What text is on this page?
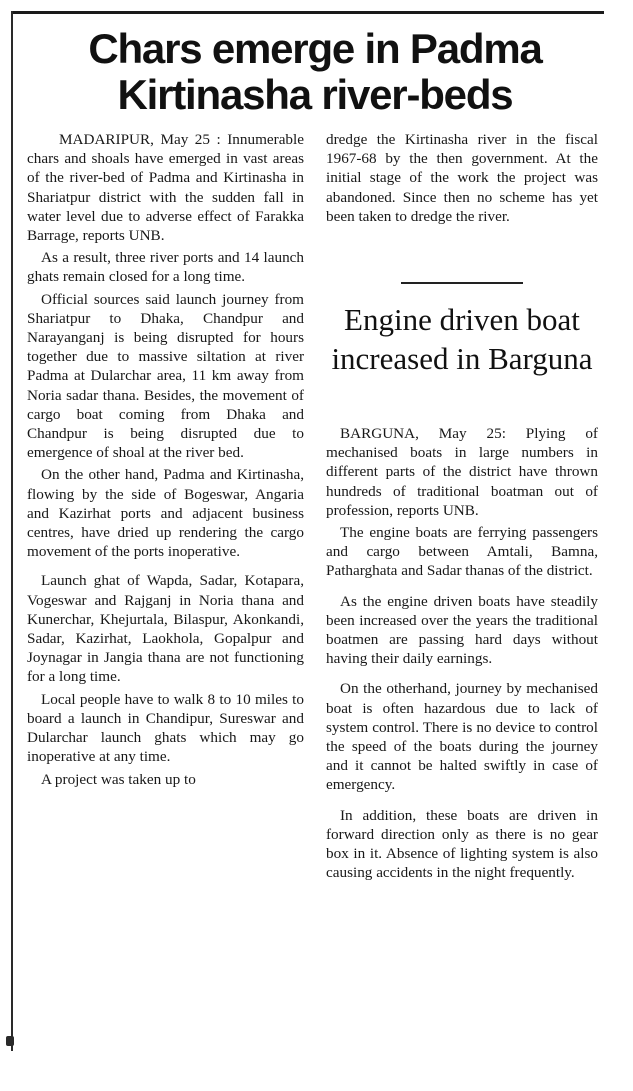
Chars emerge in Padma Kirtinasha river-beds

MADARIPUR, May 25 : Innumerable chars and shoals have emerged in vast areas of the river-bed of Padma and Kirtinasha in Shariatpur district with the sudden fall in water level due to adverse effect of Farakka Barrage, reports UNB.

As a result, three river ports and 14 launch ghats remain closed for a long time.

Official sources said launch journey from Shariatpur to Dhaka, Chandpur and Narayanganj is being disrupted for hours together due to massive siltation at river Padma at Dularchar area, 11 km away from Noria sadar thana. Besides, the movement of cargo boat coming from Dhaka and Chandpur is being disrupted due to emergence of shoal at the river bed.

On the other hand, Padma and Kirtinasha, flowing by the side of Bogeswar, Angaria and Kazirhat ports and adjacent business centres, have dried up rendering the cargo movement of the ports inoperative.

Launch ghat of Wapda, Sadar, Kotapara, Vogeswar and Rajganj in Noria thana and Kunerchar, Khejurtala, Bilaspur, Akonkandi, Sadar, Kazirhat, Laokhola, Gopalpur and Joynagar in Jangia thana are not functioning for a long time.

Local people have to walk 8 to 10 miles to board a launch in Chandipur, Sureswar and Dularchar launch ghats which may go inoperative at any time.

A project was taken up to

dredge the Kirtinasha river in the fiscal 1967-68 by the then government. At the initial stage of the work the project was abandoned. Since then no scheme has yet been taken to dredge the river.

Engine driven boat increased in Barguna

BARGUNA, May 25: Plying of mechanised boats in large numbers in different parts of the district have thrown hundreds of traditional boatman out of profession, reports UNB.

The engine boats are ferrying passengers and cargo between Amtali, Bamna, Patharghata and Sadar thanas of the district.

As the engine driven boats have steadily been increased over the years the traditional boatmen are passing hard days without having their daily earnings.

On the otherhand, journey by mechanised boat is often hazardous due to lack of system control. There is no device to control the speed of the boats during the journey and it cannot be halted swiftly in case of emergency.

In addition, these boats are driven in forward direction only as there is no gear box in it. Absence of lighting system is also causing accidents in the night frequently.
